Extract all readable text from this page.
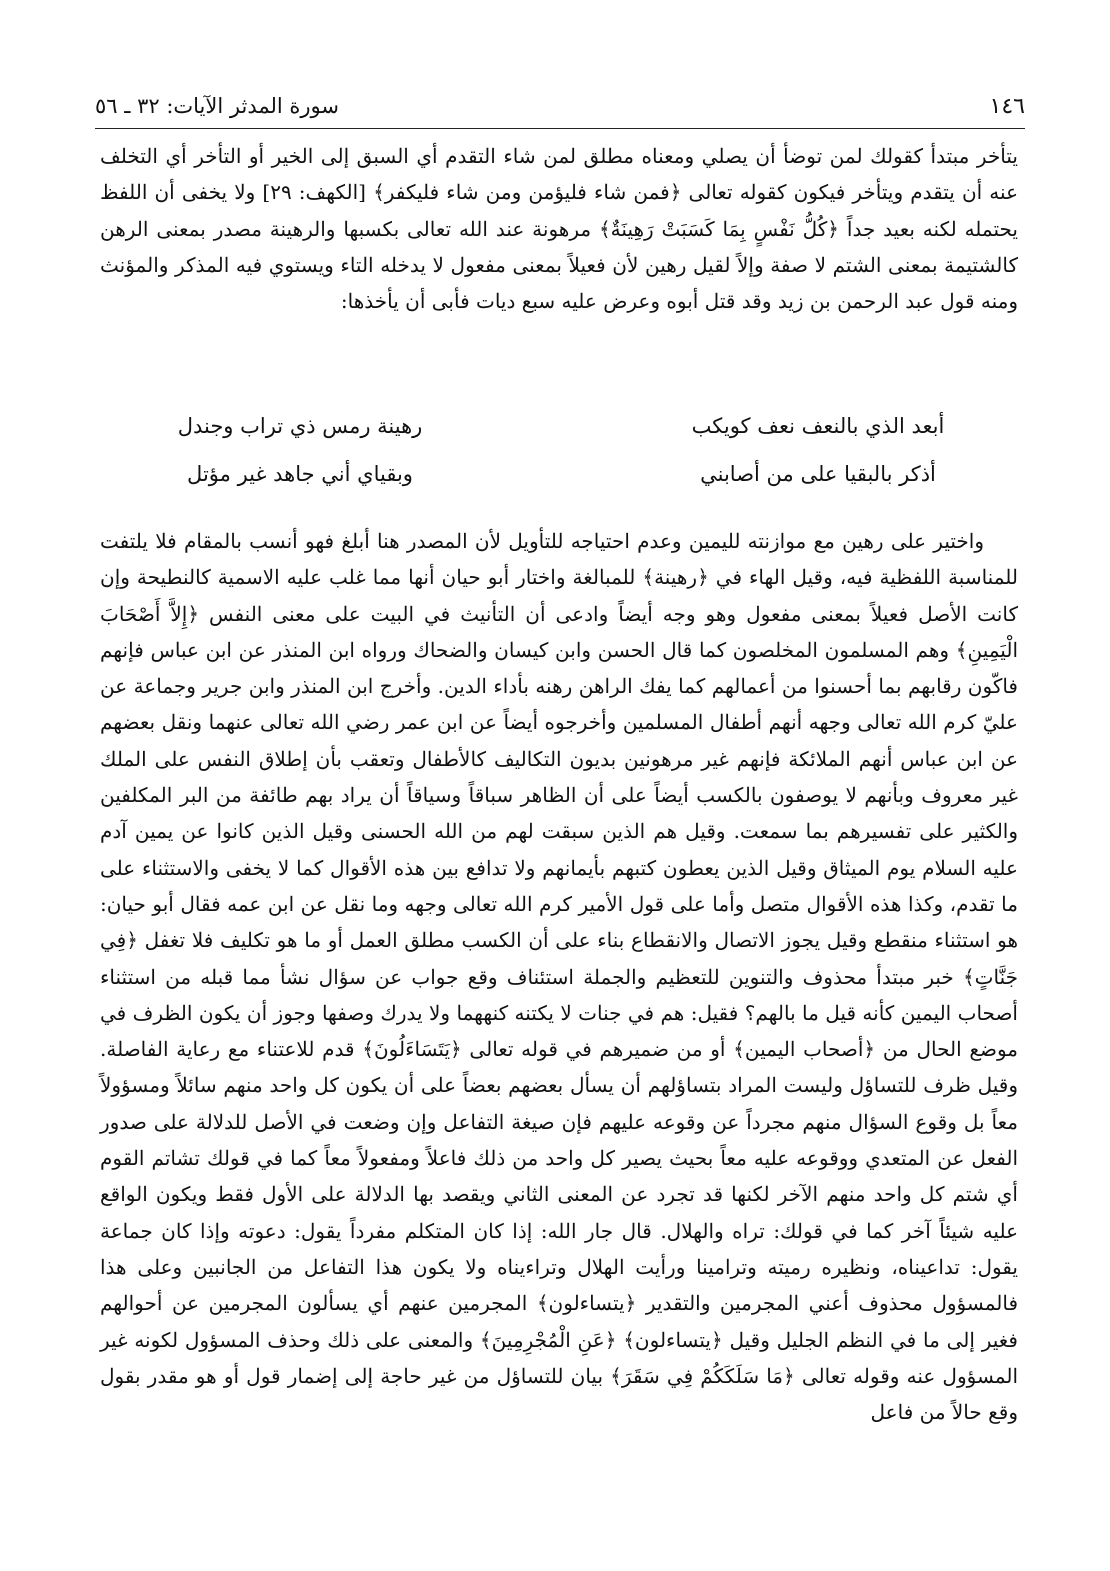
١٤٦
سورة المدثر الآيات: ٣٢ ـ ٥٦

يتأخر مبتدأ كقولك لمن توضأ أن يصلي ومعناه مطلق لمن شاء التقدم أي السبق إلى الخير أو التأخر أي التخلف عنه أن يتقدم ويتأخر فيكون كقوله تعالى ﴿فمن شاء فليؤمن ومن شاء فليكفر﴾ [الكهف: ٢٩] ولا يخفى أن اللفظ يحتمله لكنه بعيد جداً ﴿كُلُّ نَفْسٍ بِمَا كَسَبَتْ رَهِينَةٌ﴾ مرهونة عند الله تعالى بكسبها والرهينة مصدر بمعنى الرهن كالشتيمة بمعنى الشتم لا صفة وإلاً لقيل رهين لأن فعيلاً بمعنى مفعول لا يدخله التاء ويستوي فيه المذكر والمؤنث ومنه قول عبد الرحمن بن زيد وقد قتل أبوه وعرض عليه سبع ديات فأبى أن يأخذها:

أبعد الذي بالنعف نعف كويكب
رهينة رمس ذي تراب وجندل
أذكر بالبقيا على من أصابني
وبقياي أني جاهد غير مؤتل

واختير على رهين مع موازنته لليمين وعدم احتياجه للتأويل لأن المصدر هنا أبلغ فهو أنسب بالمقام فلا يلتفت للمناسبة اللفظية فيه، وقيل الهاء في ﴿رهينة﴾ للمبالغة واختار أبو حيان أنها مما غلب عليه الاسمية كالنطيحة وإن كانت الأصل فعيلاً بمعنى مفعول وهو وجه أيضاً وادعى أن التأنيث في البيت على معنى النفس ﴿إِلاَّ أَصْحَابَ الْيَمِينِ﴾ وهم المسلمون المخلصون كما قال الحسن وابن كيسان والضحاك ورواه ابن المنذر عن ابن عباس فإنهم فاكّون رقابهم بما أحسنوا من أعمالهم كما يفك الراهن رهنه بأداء الدين. وأخرج ابن المنذر وابن جرير وجماعة عن عليّ كرم الله تعالى وجهه أنهم أطفال المسلمين وأخرجوه أيضاً عن ابن عمر رضي الله تعالى عنهما ونقل بعضهم عن ابن عباس أنهم الملائكة فإنهم غير مرهونين بديون التكاليف كالأطفال وتعقب بأن إطلاق النفس على الملك غير معروف وبأنهم لا يوصفون بالكسب أيضاً على أن الظاهر سباقاً وسياقاً أن يراد بهم طائفة من البر المكلفين والكثير على تفسيرهم بما سمعت. وقيل هم الذين سبقت لهم من الله الحسنى وقيل الذين كانوا عن يمين آدم عليه السلام يوم الميثاق وقيل الذين يعطون كتبهم بأيمانهم ولا تدافع بين هذه الأقوال كما لا يخفى والاستثناء على ما تقدم، وكذا هذه الأقوال متصل وأما على قول الأمير كرم الله تعالى وجهه وما نقل عن ابن عمه فقال أبو حيان: هو استثناء منقطع وقيل يجوز الاتصال والانقطاع بناء على أن الكسب مطلق العمل أو ما هو تكليف فلا تغفل ﴿فِي جَنَّاتٍ﴾ خبر مبتدأ محذوف والتنوين للتعظيم والجملة استئناف وقع جواب عن سؤال نشأ مما قبله من استثناء أصحاب اليمين كأنه قيل ما بالهم؟ فقيل: هم في جنات لا يكتنه كنههما ولا يدرك وصفها وجوز أن يكون الظرف في موضع الحال من ﴿أصحاب اليمين﴾ أو من ضميرهم في قوله تعالى ﴿يَتَسَاءَلُونَ﴾ قدم للاعتناء مع رعاية الفاصلة. وقيل ظرف للتساؤل وليست المراد بتساؤلهم أن يسأل بعضهم بعضاً على أن يكون كل واحد منهم سائلاً ومسؤولاً معاً بل وقوع السؤال منهم مجرداً عن وقوعه عليهم فإن صيغة التفاعل وإن وضعت في الأصل للدلالة على صدور الفعل عن المتعدي ووقوعه عليه معاً بحيث يصير كل واحد من ذلك فاعلاً ومفعولاً معاً كما في قولك تشاتم القوم أي شتم كل واحد منهم الآخر لكنها قد تجرد عن المعنى الثاني ويقصد بها الدلالة على الأول فقط ويكون الواقع عليه شيئاً آخر كما في قولك: تراه والهلال. قال جار الله: إذا كان المتكلم مفرداً يقول: دعوته وإذا كان جماعة يقول: تداعيناه، ونظيره رميته وترامينا ورأيت الهلال وتراءيناه ولا يكون هذا التفاعل من الجانبين وعلى هذا فالمسؤول محذوف أعني المجرمين والتقدير ﴿يتساءلون﴾ المجرمين عنهم أي يسألون المجرمين عن أحوالهم فغير إلى ما في النظم الجليل وقيل ﴿يتساءلون﴾ ﴿عَنِ الْمُجْرِمِينَ﴾ والمعنى على ذلك وحذف المسؤول لكونه غير المسؤول عنه وقوله تعالى ﴿مَا سَلَكَكُمْ فِي سَقَرَ﴾ بيان للتساؤل من غير حاجة إلى إضمار قول أو هو مقدر بقول وقع حالاً من فاعل
